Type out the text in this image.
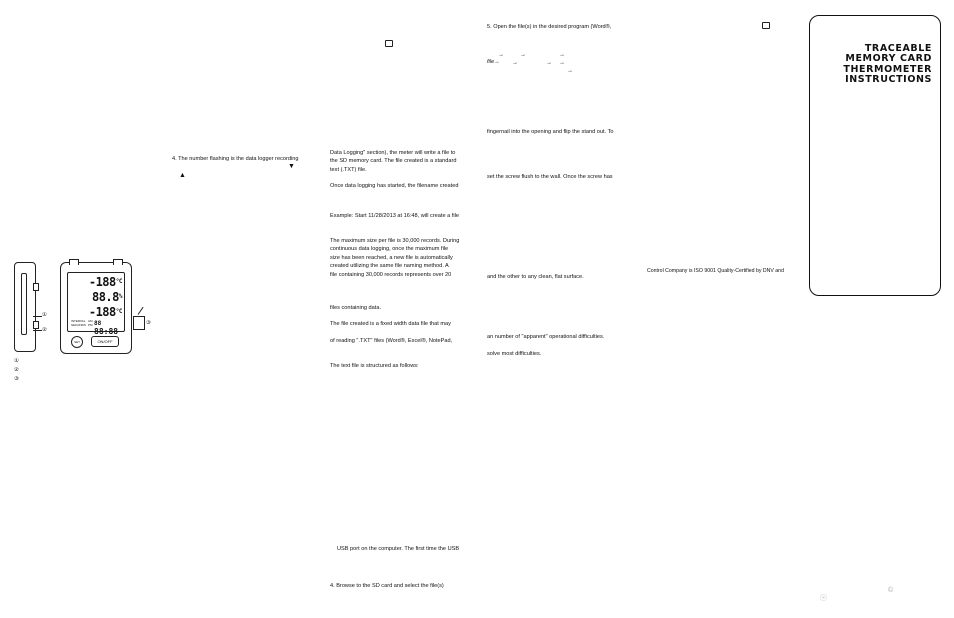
4. The number flashing is the data logger recording

▼
▲
①
②
$-188^{^\circ C}$
88.8%
$-188^{^\circ C}$
INTERVAL
SECONDS
AM
PM 88 88:88
SET	ON/OFF
③

①

②

③

Data Logging" section), the meter will write a file to
the SD memory card. The file created is a standard
text (.TXT) file.

Once data logging has started, the filename created

Example: Start 11/28/2013 at 16:48, will create a file

The maximum size per file is 30,000 records. During
continuous data logging, once the maximum file
size has been reached, a new file is automatically
created utilizing the same file naming method. A
file containing 30,000 records represents over 20

files containing data.

The file created is a fixed width data file that may

of reading ".TXT" files (Word®, Excel®, NotePad,

The text file is structured as follows:

USB port on the computer. The first time the USB

4. Browse to the SD card and select the file(s)

5. Open the file(s) in the desired program (Word®,

→	→	→

file→ →	→ →
→

fingernail into the opening and flip the stand out. To

set the screw flush to the wall. Once the screw has

and the other to any clean, flat surface.

an number of "apparent" operational difficulties.

solve most difficulties.

Control Company is ISO 9001 Quality-Certified by DNV and

ⓢ
©
TRACEABLE
MEMORY CARD
THERMOMETER
INSTRUCTIONS
